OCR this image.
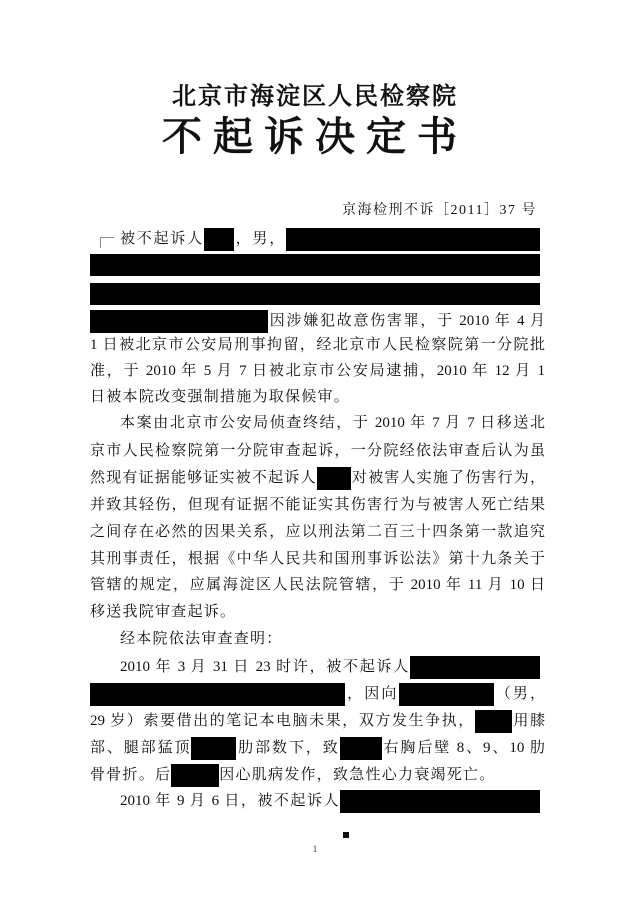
北京市海淀区人民检察院
不起诉决定书
京海检刑不诉［2011］37 号
被不起诉人 ，男，
因涉嫌犯故意伤害罪，于 2010 年 4 月
1 日被北京市公安局刑事拘留，经北京市人民检察院第一分院批
准，于 2010 年 5 月 7 日被北京市公安局逮捕，2010 年 12 月 1
日被本院改变强制措施为取保候审。
本案由北京市公安局侦查终结，于 2010 年 7 月 7 日移送北
京市人民检察院第一分院审查起诉，一分院经依法审查后认为虽
然现有证据能够证实被不起诉人 对被害人实施了伤害行为，
并致其轻伤，但现有证据不能证实其伤害行为与被害人死亡结果
之间存在必然的因果关系，应以刑法第二百三十四条第一款追究
其刑事责任，根据《中华人民共和国刑事诉讼法》第十九条关于
管辖的规定，应属海淀区人民法院管辖，于 2010 年 11 月 10 日
移送我院审查起诉。
经本院依法审查查明：
2010 年 3 月 31 日 23 时许，被不起诉人
，因向	（男，
29 岁）索要借出的笔记本电脑未果，双方发生争执， 用膝
部、腿部猛顶	肋部数下，致	右胸后壁 8、9、10 肋
骨骨折。后	因心肌病发作，致急性心力衰竭死亡。
2010 年 9 月 6 日，被不起诉人
1
